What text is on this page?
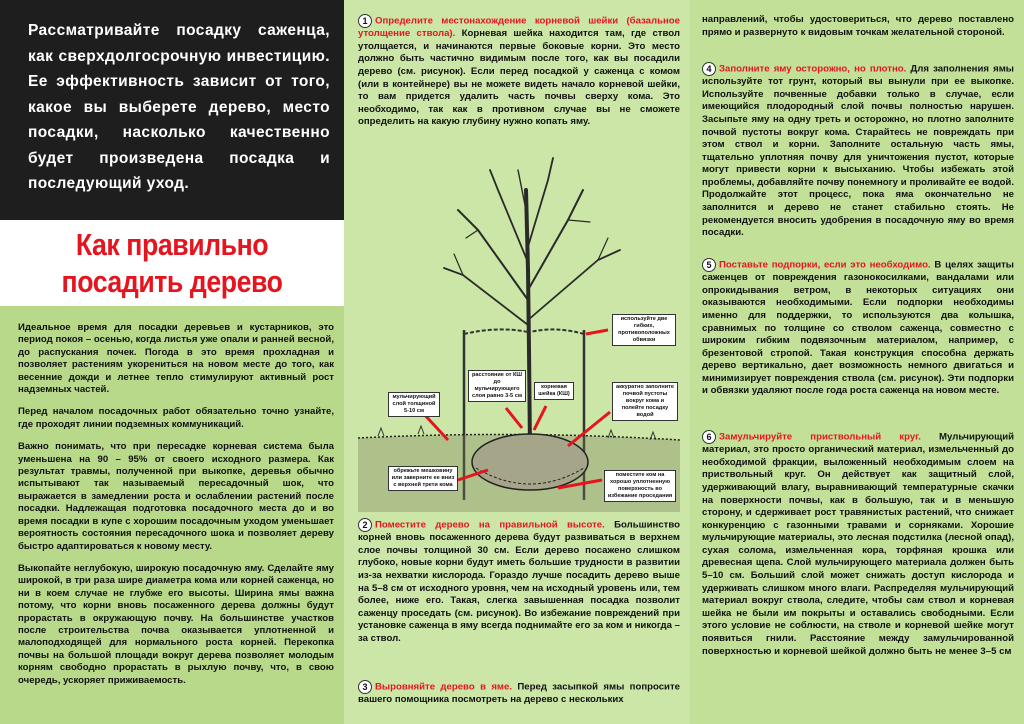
Рассматривайте посадку саженца, как сверхдолгосрочную инвестицию. Ее эффективность зависит от того, какое вы выберете дерево, место посадки, насколько качественно будет произведена посадка и последующий уход.

Как правильно
посадить дерево

Идеальное время для посадки деревьев и кустарников, это период покоя – осенью, когда листья уже опали и ранней весной, до распускания почек. Погода в это время прохладная и позволяет растениям укорениться на новом месте до того, как весенние дожди и летнее тепло стимулируют активный рост надземных частей.

Перед началом посадочных работ обязательно точно узнайте, где проходят линии подземных коммуникаций.

Важно понимать, что при пересадке корневая система была уменьшена на 90 – 95% от своего исходного размера. Как результат травмы, полученной при выкопке, деревья обычно испытывают так называемый пересадочный шок, что выражается в замедлении роста и ослаблении растений после посадки. Надлежащая подготовка посадочного места до и во время посадки в купе с хорошим посадочным уходом уменьшает вероятность состояния пересадочного шока и позволяет дереву быстро адаптироваться к новому месту.

Выкопайте неглубокую, широкую посадочную яму. Сделайте яму широкой, в три раза шире диаметра кома или корней саженца, но ни в коем случае не глубже его высоты. Ширина ямы важна потому, что корни вновь посаженного дерева должны будут прорастать в окружающую почву. На большинстве участков после строительства почва оказывается уплотненной и малоподходящей для нормального роста корней. Перекопка почвы на большой площади вокруг дерева позволяет молодым корням свободно прорастать в рыхлую почву, что, в свою очередь, ускоряет приживаемость.

1 Определите местонахождение корневой шейки (базальное утолщение ствола). Корневая шейка находится там, где ствол утолщается, и начинаются первые боковые корни. Это место должно быть частично видимым после того, как вы посадили дерево (см. рисунок). Если перед посадкой у саженца с комом (или в контейнере) вы не можете видеть начало корневой шейки, то вам придется удалить часть почвы сверху кома. Это необходимо, так как в противном случае вы не сможете определить на какую глубину нужно копать яму.
используйте две гибких, противоположных обвязки
расстояние от КШ до мульчирующего слоя равно 3-5 см
корневая шейка (КШ)
мульчирующий слой толщиной 5-10 см
аккуратно заполните почвой пустоты вокруг кома и полейте посадку водой
обрежьте мешковину или заверните ее вниз с верхней трети кома
поместите ком на хорошо уплотненную поверхность во избежание проседания
2 Поместите дерево на правильной высоте. Большинство корней вновь посаженного дерева будут развиваться в верхнем слое почвы толщиной 30 см. Если дерево посажено слишком глубоко, новые корни будут иметь большие трудности в развитии из-за нехватки кислорода. Гораздо лучше посадить дерево выше на 5–8 см от исходного уровня, чем на исходный уровень или, тем более, ниже его. Такая, слегка завышенная посадка позволит саженцу проседать (см. рисунок). Во избежание повреждений при установке саженца в яму всегда поднимайте его за ком и никогда – за ствол.
3 Выровняйте дерево в яме. Перед засыпкой ямы попросите вашего помощника посмотреть на дерево с нескольких
направлений, чтобы удостовериться, что дерево поставлено прямо и развернуто к видовым точкам желательной стороной.
4 Заполните яму осторожно, но плотно. Для заполнения ямы используйте тот грунт, который вы вынули при ее выкопке. Используйте почвенные добавки только в случае, если имеющийся плодородный слой почвы полностью нарушен. Засыпьте яму на одну треть и осторожно, но плотно заполните почвой пустоты вокруг кома. Старайтесь не повреждать при этом ствол и корни. Заполните остальную часть ямы, тщательно уплотняя почву для уничтожения пустот, которые могут привести корни к высыханию. Чтобы избежать этой проблемы, добавляйте почву понемногу и проливайте ее водой. Продолжайте этот процесс, пока яма окончательно не заполнится и дерево не станет стабильно стоять. Не рекомендуется вносить удобрения в посадочную яму во время посадки.
5 Поставьте подпорки, если это необходимо. В целях защиты саженцев от повреждения газонокосилками, вандалами или опрокидывания ветром, в некоторых ситуациях они оказываются необходимыми. Если подпорки необходимы именно для поддержки, то используются два колышка, сравнимых по толщине со стволом саженца, совместно с широким гибким подвязочным материалом, например, с брезентовой стропой. Такая конструкция способна держать дерево вертикально, дает возможность немного двигаться и минимизирует повреждения ствола (см. рисунок). Эти подпорки и обвязки удаляют после года роста саженца на новом месте.
6 Замульчируйте приствольный круг. Мульчирующий материал, это просто органический материал, измельченный до необходимой фракции, выложенный необходимым слоем на приствольный круг. Он действует как защитный слой, удерживающий влагу, выравнивающий температурные скачки на поверхности почвы, как в большую, так и в меньшую сторону, и сдерживает рост травянистых растений, что снижает конкуренцию с газонными травами и сорняками. Хорошие мульчирующие материалы, это лесная подстилка (лесной опад), сухая солома, измельченная кора, торфяная крошка или древесная щепа. Слой мульчирующего материала должен быть 5–10 см. Больший слой может снижать доступ кислорода и удерживать слишком много влаги. Распределяя мульчирующий материал вокруг ствола, следите, чтобы сам ствол и корневая шейка не были им покрыты и оставались свободными. Если этого условие не соблюсти, на стволе и корневой шейке могут появиться гнили. Расстояние между замульчированной поверхностью и корневой шейкой должно быть не менее 3–5 см
